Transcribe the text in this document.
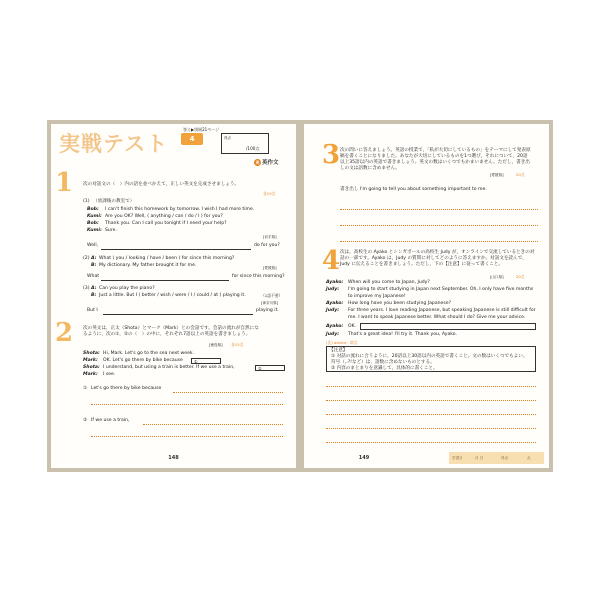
実戦テスト
答え▶別冊21ページ
4	得点
/100点
英 英作文
1 次の対話文の（　）内の語を並べかえて，正しい英文を完成させましょう。
各10点
(1) （放課後の教室で）
Bob: I can't finish this homework by tomorrow. I wish I had more time.
Kumi: Are you OK? Well, ( anything / can / do / I ) for you?
Bob: Thank you. Can I call you tonight if I need your help?
Kumi: Sure.
[岩手県]
Well,	do for you?
(2) A: What ( you / looking / have / been ) for since this morning?
B: My dictionary. My father brought it for me.	[愛媛県]
What	for since this morning?
(3) A: Can you play the piano?
B: Just a little. But I ( better / wish / were / I / could / at ) playing it.	（1語不要）
[神奈川県]
But I	playing it.
2 次の英文は，正太（Shota）とマーク（Mark）との会話です。会話の流れが自然になるように，次の①，②の（　）の中に，それぞれ7語以上の英語を書きましょう。
[徳島県] 各15点
Shota: Hi, Mark. Let's go to the sea next week.
Mark: OK. Let's go there by bike because	①
Shota: I understand, but using a train is better. If we use a train,	②
Mark: I see.
① Let's go there by bike because
② If we use a train,
148
3 次の問いに答えましょう。英語の授業で，「私が大切にしているもの」をテーマにして発表原稿を書くことになりました。あなたが大切にしているものを1つ選び，それについて，20語以上35語以内の英語で書きましょう。英文の数はいくつでもかまいません。ただし，書き出しの文は語数に含めません。
[愛媛県]	20点
書き出し I'm going to tell you about something important to me.
4 次は，高校生の Ayako とシンガポールの高校生 Judy が，オンラインで交流しているときの対話の一部です。Ayako は，Judy の質問に対してどのように答えますか。対話文を読んで，Judy に伝えることを書きましょう。ただし，下の【注意】に従って書くこと。
[山口県]	20点
Ayako: When will you come to Japan, Judy?
Judy: I'm going to start studying in Japan next September. Oh, I only have five months
to improve my Japanese!
Ayako: How long have you been studying Japanese?
Judy: For three years. I love reading Japanese, but speaking Japanese is still difficult for
me. I want to speak Japanese better. What should I do? Give me your advice.
Ayako: OK.
Judy: That's a great idea! I'll try it. Thank you, Ayako.
(注) advice：助言
【注意】
① 対話の流れに合うように，20語以上30語以内の英語で書くこと。文の数はいくつでもよい。符号（,.?!など）は，語数に含めないものとする。
② 内容のまとまりを意識して，具体的に書くこと。
149	学習日	月 日	得点	点
